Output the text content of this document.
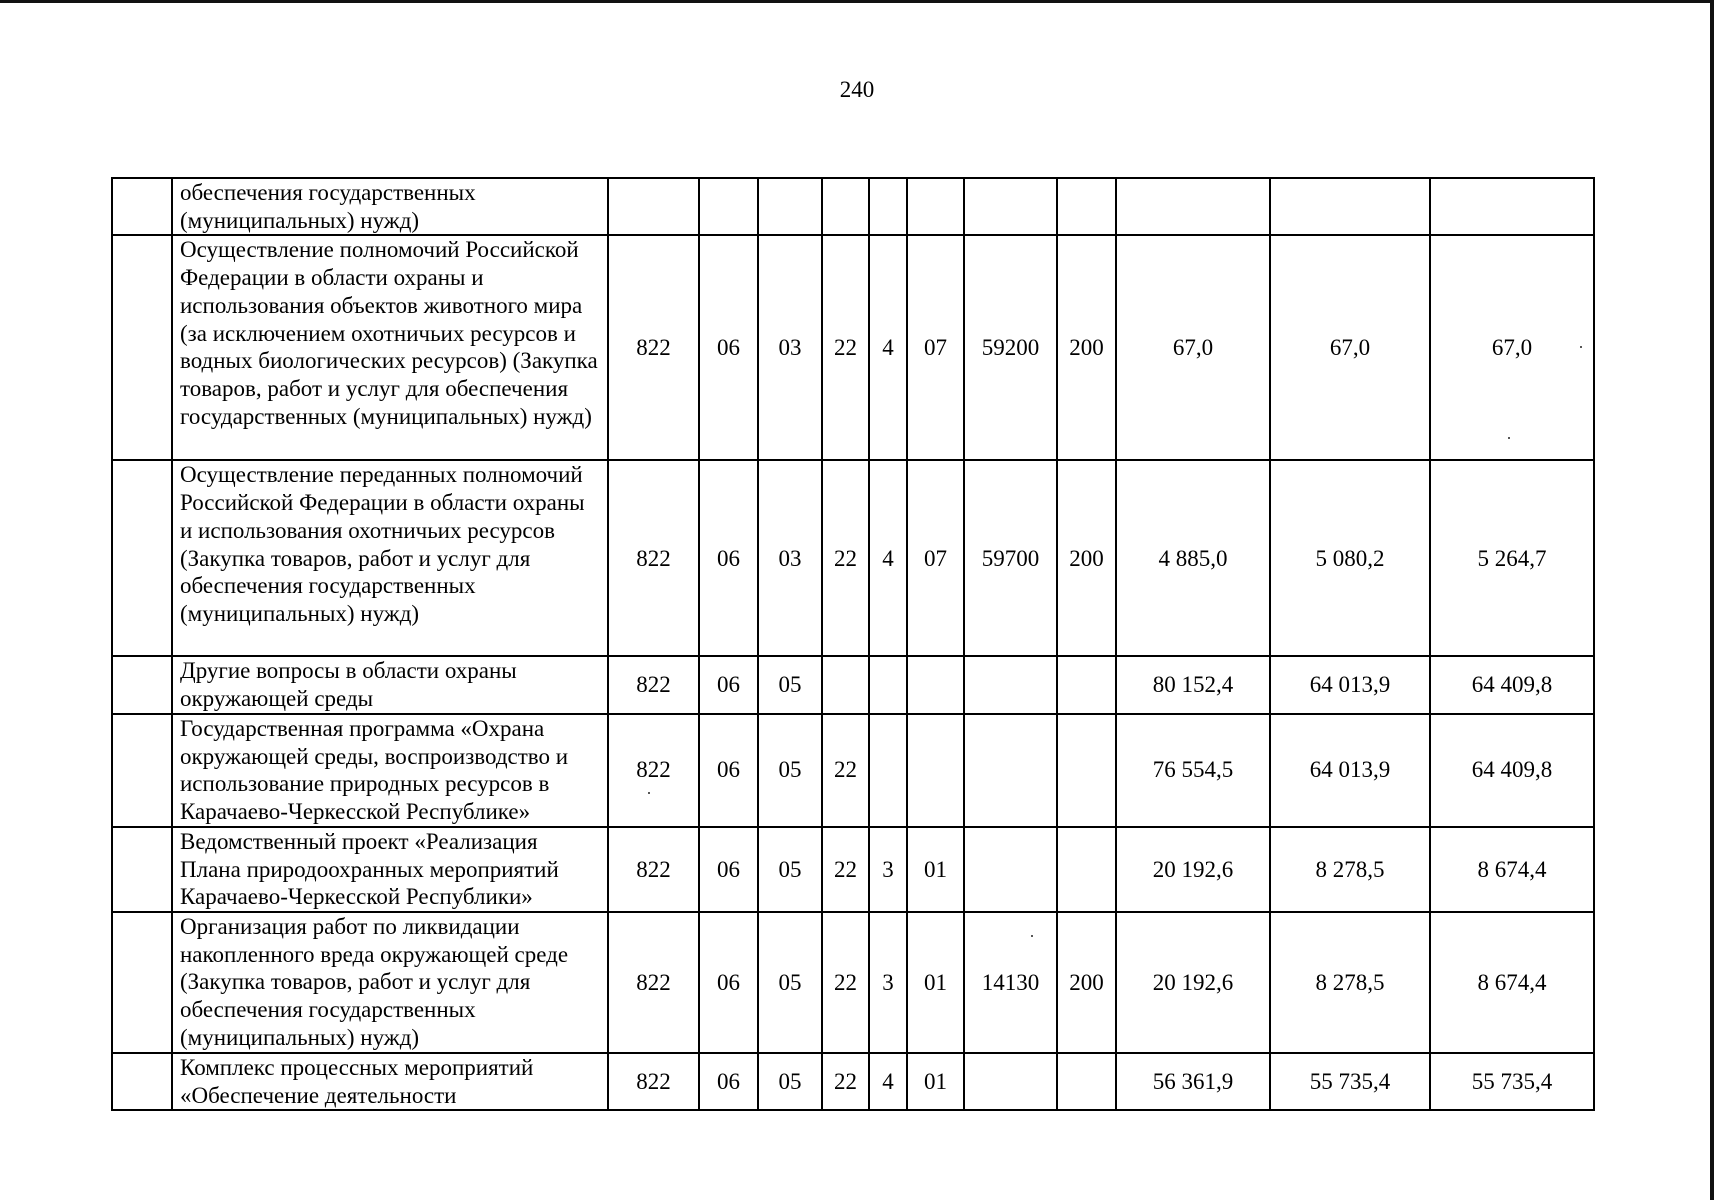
240
	обеспечения государственных (муниципальных) нужд)											
	Осуществление полномочий Российской Федерации в области охраны и использования объектов животного мира (за исключением охотничьих ресурсов и водных биологических ресурсов) (Закупка товаров, работ и услуг для обеспечения государственных (муниципальных) нужд)	822	06	03	22	4	07	59200	200	67,0	67,0	67,0
	Осуществление переданных полномочий Российской Федерации в области охраны и использования охотничьих ресурсов (Закупка товаров, работ и услуг для обеспечения государственных (муниципальных) нужд)	822	06	03	22	4	07	59700	200	4 885,0	5 080,2	5 264,7
	Другие вопросы в области охраны окружающей среды	822	06	05						80 152,4	64 013,9	64 409,8
	Государственная программа «Охрана окружающей среды, воспроизводство и использование природных ресурсов в Карачаево-Черкесской Республике»	822	06	05	22					76 554,5	64 013,9	64 409,8
	Ведомственный проект «Реализация Плана природоохранных мероприятий Карачаево-Черкесской Республики»	822	06	05	22	3	01			20 192,6	8 278,5	8 674,4
	Организация работ по ликвидации накопленного вреда окружающей среде (Закупка товаров, работ и услуг для обеспечения государственных (муниципальных) нужд)	822	06	05	22	3	01	14130	200	20 192,6	8 278,5	8 674,4
	Комплекс процессных мероприятий «Обеспечение деятельности	822	06	05	22	4	01			56 361,9	55 735,4	55 735,4
